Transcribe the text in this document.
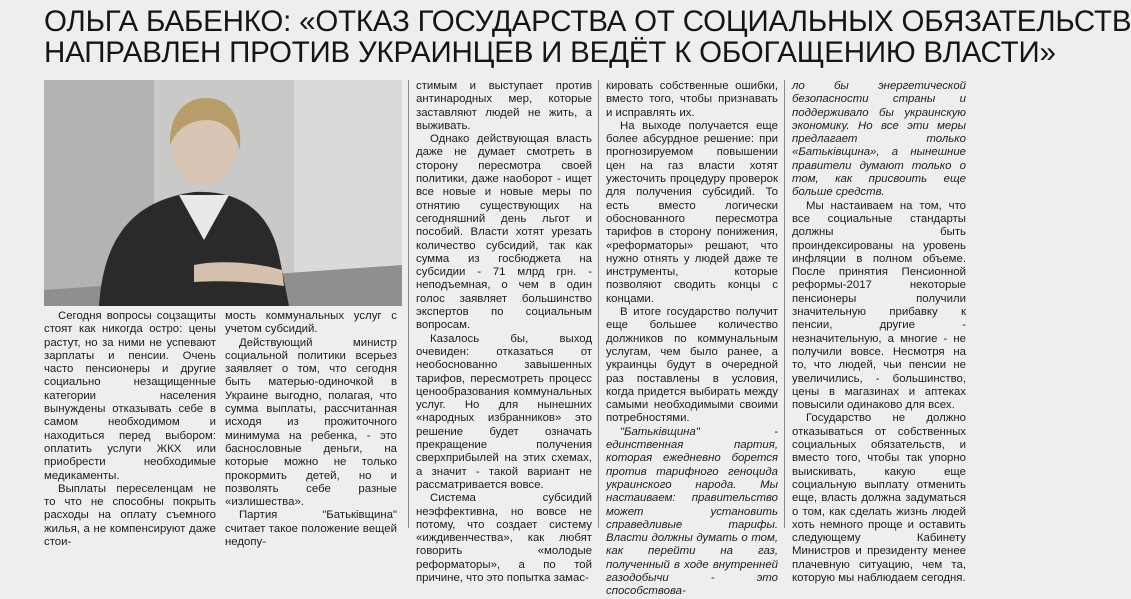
ОЛЬГА БАБЕНКО: «ОТКАЗ ГОСУДАРСТВА ОТ СОЦИАЛЬНЫХ ОБЯЗАТЕЛЬСТВ
НАПРАВЛЕН ПРОТИВ УКРАИНЦЕВ И ВЕДЁТ К ОБОГАЩЕНИЮ ВЛАСТИ»

Сегодня вопросы соцзащиты стоят как никогда остро: цены растут, но за ними не успевают зарплаты и пенсии. Очень часто пенсионеры и другие социально незащищенные категории населения вынуждены отказывать себе в самом необходимом и находиться перед выбором: оплатить услуги ЖКХ или приобрести необходимые медикаменты.

Выплаты переселенцам не то что не способны покрыть расходы на оплату съемного жилья, а не компенсируют даже стои-

мость коммунальных услуг с учетом субсидий.

Действующий министр социальной политики всерьез заявляет о том, что сегодня быть матерью-одиночкой в Украине выгодно, полагая, что сумма выплаты, рассчитанная исходя из прожиточного минимума на ребенка, - это баснословные деньги, на которые можно не только прокормить детей, но и позволять себе разные «излишества».

Партия "Батьківщина" считает такое положение вещей недопу-

стимым и выступает против антинародных мер, которые заставляют людей не жить, а выживать.

Однако действующая власть даже не думает смотреть в сторону пересмотра своей политики, даже наоборот - ищет все новые и новые меры по отнятию существующих на сегодняшний день льгот и пособий. Власти хотят урезать количество субсидий, так как сумма из госбюджета на субсидии - 71 млрд грн. - неподъемная, о чем в один голос заявляет большинство экспертов по социальным вопросам.

Казалось бы, выход очевиден: отказаться от необоснованно завышенных тарифов, пересмотреть процесс ценообразования коммунальных услуг. Но для нынешних «народных избранников» это решение будет означать прекращение получения сверхприбылей на этих схемах, а значит - такой вариант не рассматривается вовсе.

Система субсидий неэффективна, но вовсе не потому, что создает систему «иждивенчества», как любят говорить «молодые реформаторы», а по той причине, что это попытка замас-

кировать собственные ошибки, вместо того, чтобы признавать и исправлять их.

На выходе получается еще более абсурдное решение: при прогнозируемом повышении цен на газ власти хотят ужесточить процедуру проверок для получения субсидий. То есть вместо логически обоснованного пересмотра тарифов в сторону понижения, «реформаторы» решают, что нужно отнять у людей даже те инструменты, которые позволяют сводить концы с концами.

В итоге государство получит еще большее количество должников по коммунальным услугам, чем было ранее, а украинцы будут в очередной раз поставлены в условия, когда придется выбирать между самыми необходимыми своими потребностями.

"Батьківщина" - единственная партия, которая ежедневно борется против тарифного геноцида украинского народа. Мы настаиваем: правительство может установить справедливые тарифы. Власти должны думать о том, как перейти на газ, полученный в ходе внутренней газодобычи - это способствова-

ло бы энергетической безопасности страны и поддерживало бы украинскую экономику. Но все эти меры предлагает только «Батьківщина», а нынешние правители думают только о том, как присвоить еще больше средств.

Мы настаиваем на том, что все социальные стандарты должны быть проиндексированы на уровень инфляции в полном объеме. После принятия Пенсионной реформы-2017 некоторые пенсионеры получили значительную прибавку к пенсии, другие - незначительную, а многие - не получили вовсе. Несмотря на то, что людей, чьи пенсии не увеличились, - большинство, цены в магазинах и аптеках повысили одинаково для всех.

Государство не должно отказываться от собственных социальных обязательств, и вместо того, чтобы так упорно выискивать, какую еще социальную выплату отменить еще, власть должна задуматься о том, как сделать жизнь людей хоть немного проще и оставить следующему Кабинету Министров и президенту менее плачевную ситуацию, чем та, которую мы наблюдаем сегодня.
